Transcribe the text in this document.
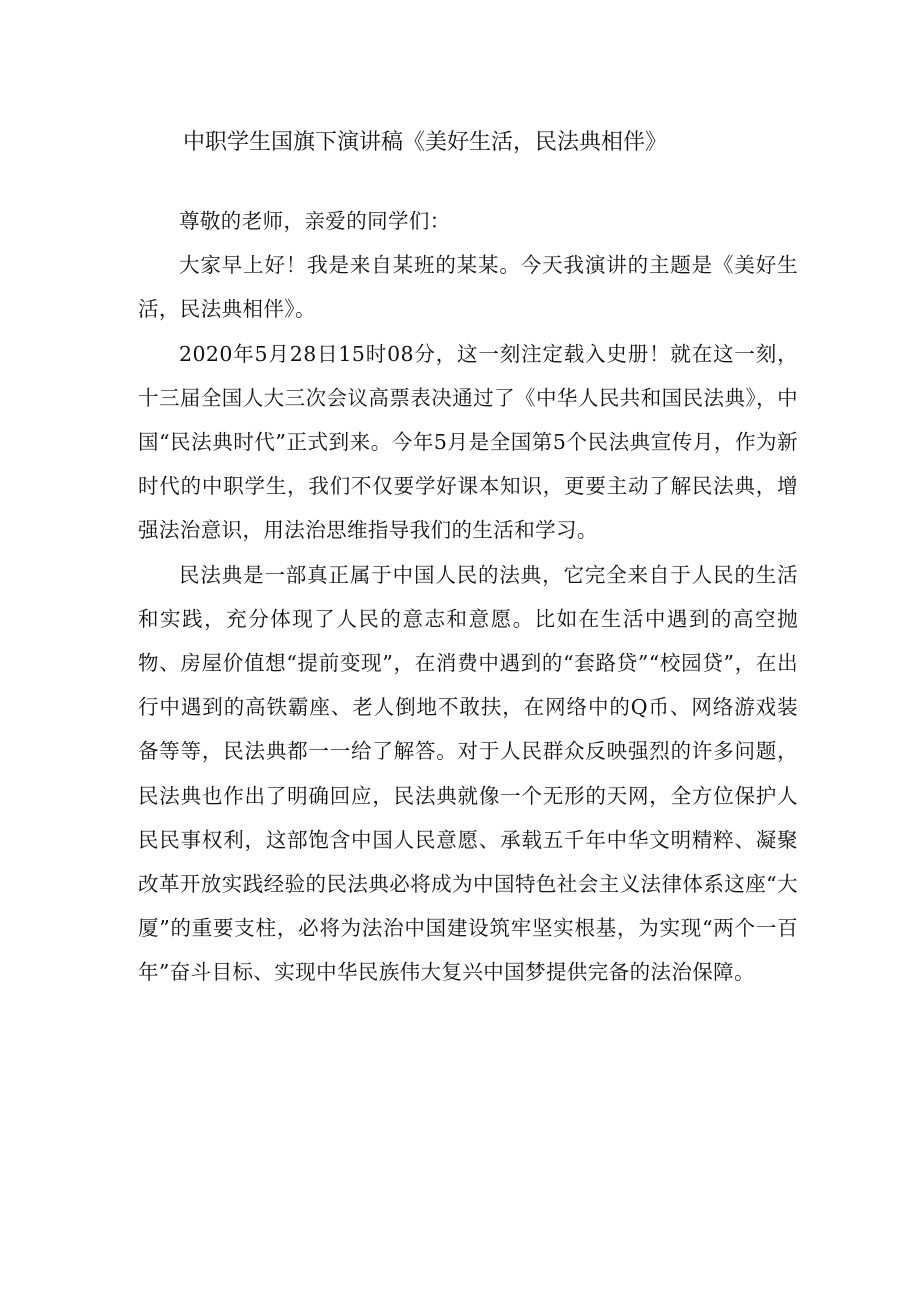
中职学生国旗下演讲稿《美好生活，民法典相伴》

尊敬的老师，亲爱的同学们：

大家早上好！我是来自某班的某某。今天我演讲的主题是《美好生活，民法典相伴》。

2020年5月28日15时08分，这一刻注定载入史册！就在这一刻，十三届全国人大三次会议高票表决通过了《中华人民共和国民法典》，中国“民法典时代”正式到来。今年5月是全国第5个民法典宣传月，作为新时代的中职学生，我们不仅要学好课本知识，更要主动了解民法典，增强法治意识，用法治思维指导我们的生活和学习。

民法典是一部真正属于中国人民的法典，它完全来自于人民的生活和实践，充分体现了人民的意志和意愿。比如在生活中遇到的高空抛物、房屋价值想“提前变现”，在消费中遇到的“套路贷”“校园贷”，在出行中遇到的高铁霸座、老人倒地不敢扶，在网络中的Q币、网络游戏装备等等，民法典都一一给了解答。对于人民群众反映强烈的许多问题，民法典也作出了明确回应，民法典就像一个无形的天网，全方位保护人民民事权利，这部饱含中国人民意愿、承载五千年中华文明精粹、凝聚改革开放实践经验的民法典必将成为中国特色社会主义法律体系这座“大厦”的重要支柱，必将为法治中国建设筑牢坚实根基，为实现“两个一百年”奋斗目标、实现中华民族伟大复兴中国梦提供完备的法治保障。
